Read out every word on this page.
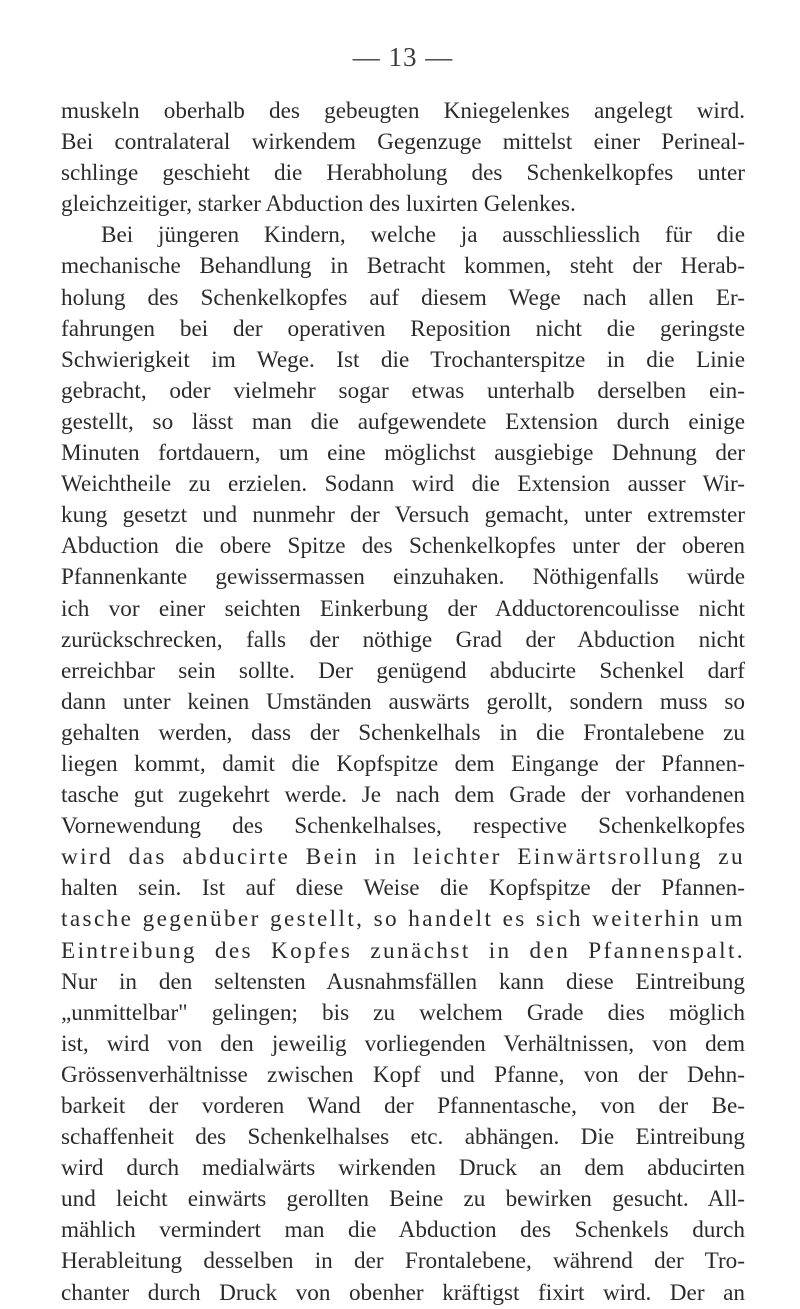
— 13 —
muskeln oberhalb des gebeugten Kniegelenkes angelegt wird.
Bei contralateral wirkendem Gegenzuge mittelst einer Perineal-
schlinge geschieht die Herabholung des Schenkelkopfes unter
gleichzeitiger, starker Abduction des luxirten Gelenkes.
Bei jüngeren Kindern, welche ja ausschliesslich für die
mechanische Behandlung in Betracht kommen, steht der Herab-
holung des Schenkelkopfes auf diesem Wege nach allen Er-
fahrungen bei der operativen Reposition nicht die geringste
Schwierigkeit im Wege. Ist die Trochanterspitze in die Linie
gebracht, oder vielmehr sogar etwas unterhalb derselben ein-
gestellt, so lässt man die aufgewendete Extension durch einige
Minuten fortdauern, um eine möglichst ausgiebige Dehnung der
Weichtheile zu erzielen. Sodann wird die Extension ausser Wir-
kung gesetzt und nunmehr der Versuch gemacht, unter extremster
Abduction die obere Spitze des Schenkelkopfes unter der oberen
Pfannenkante gewissermassen einzuhaken. Nöthigenfalls würde
ich vor einer seichten Einkerbung der Adductorencoulisse nicht
zurückschrecken, falls der nöthige Grad der Abduction nicht
erreichbar sein sollte. Der genügend abducirte Schenkel darf
dann unter keinen Umständen auswärts gerollt, sondern muss so
gehalten werden, dass der Schenkelhals in die Frontalebene zu
liegen kommt, damit die Kopfspitze dem Eingange der Pfannen-
tasche gut zugekehrt werde. Je nach dem Grade der vorhandenen
Vornewendung des Schenkelhalses, respective Schenkelkopfes
wird das abducirte Bein in leichter Einwärtsrollung zu
halten sein. Ist auf diese Weise die Kopfspitze der Pfannen-
tasche gegenüber gestellt, so handelt es sich weiterhin um
Eintreibung des Kopfes zunächst in den Pfannenspalt.
Nur in den seltensten Ausnahmsfällen kann diese Eintreibung
„unmittelbar" gelingen; bis zu welchem Grade dies möglich
ist, wird von den jeweilig vorliegenden Verhältnissen, von dem
Grössenverhältnisse zwischen Kopf und Pfanne, von der Dehn-
barkeit der vorderen Wand der Pfannentasche, von der Be-
schaffenheit des Schenkelhalses etc. abhängen. Die Eintreibung
wird durch medialwärts wirkenden Druck an dem abducirten
und leicht einwärts gerollten Beine zu bewirken gesucht. All-
mählich vermindert man die Abduction des Schenkels durch
Herableitung desselben in der Frontalebene, während der Tro-
chanter durch Druck von obenher kräftigst fixirt wird. Der an
